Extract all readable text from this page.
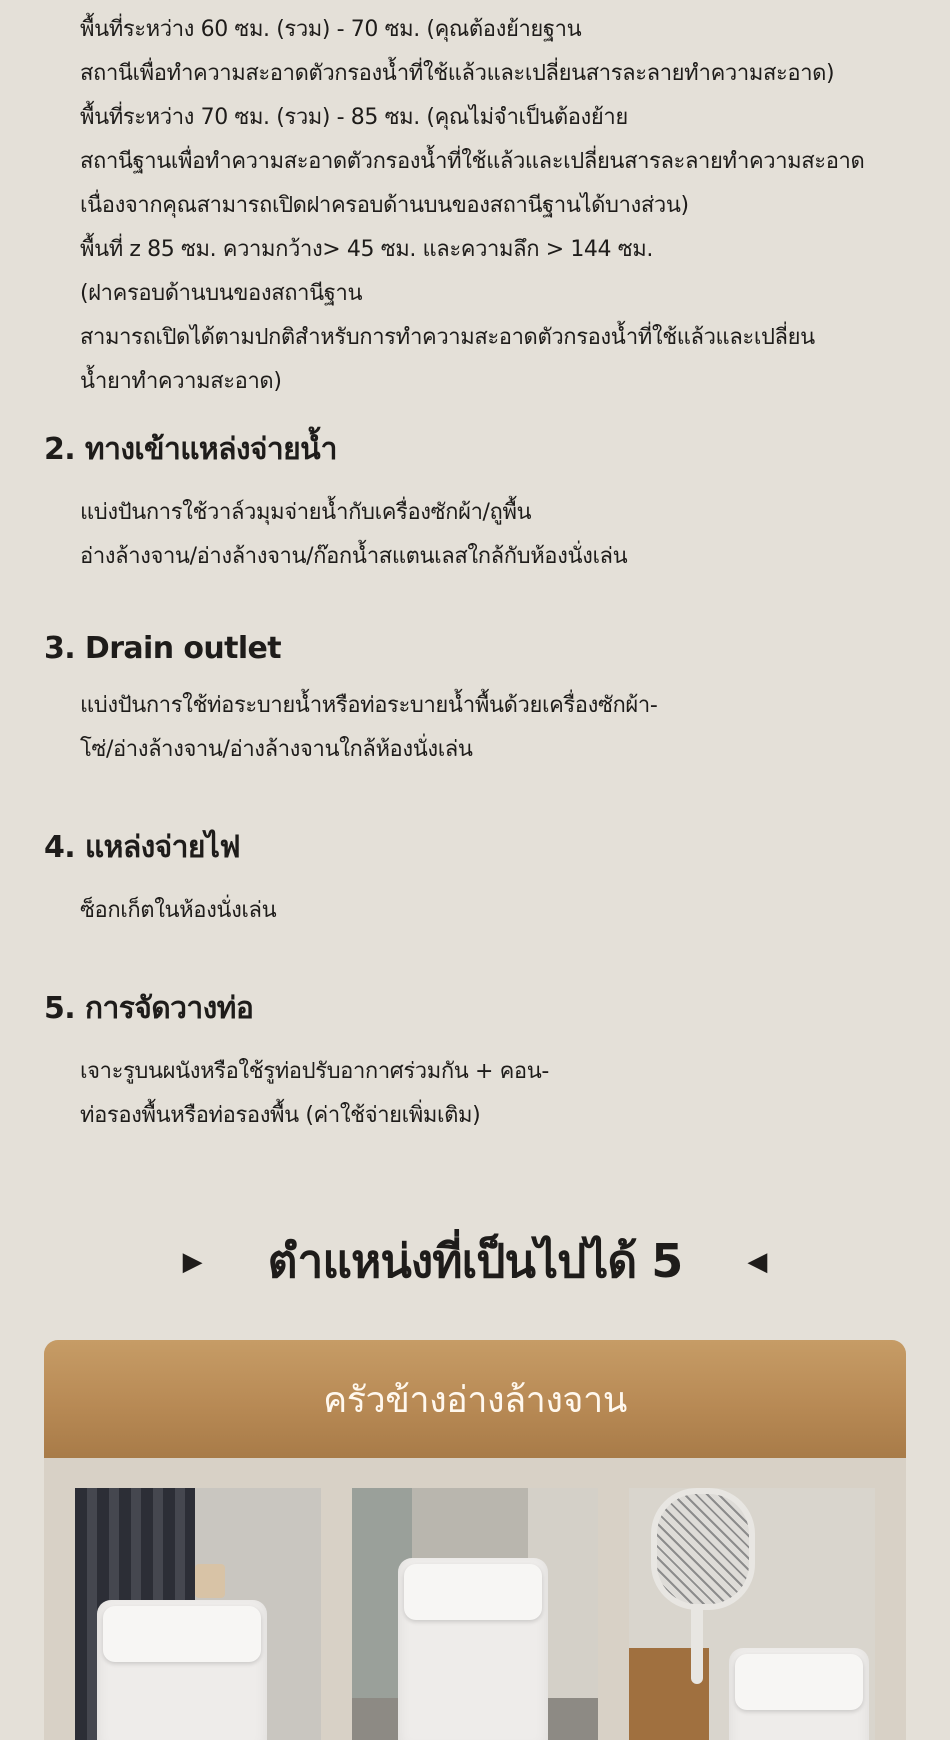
พื้นที่ระหว่าง 60 ซม. (รวม) - 70 ซม. (คุณต้องย้ายฐาน
สถานีเพื่อทำความสะอาดตัวกรองน้ำที่ใช้แล้วและเปลี่ยนสารละลายทำความสะอาด)
พื้นที่ระหว่าง 70 ซม. (รวม) - 85 ซม. (คุณไม่จำเป็นต้องย้าย
สถานีฐานเพื่อทำความสะอาดตัวกรองน้ำที่ใช้แล้วและเปลี่ยนสารละลายทำความสะอาด
เนื่องจากคุณสามารถเปิดฝาครอบด้านบนของสถานีฐานได้บางส่วน)
พื้นที่ z 85 ซม. ความกว้าง> 45 ซม. และความลึก > 144 ซม.
(ฝาครอบด้านบนของสถานีฐาน
สามารถเปิดได้ตามปกติสำหรับการทำความสะอาดตัวกรองน้ำที่ใช้แล้วและเปลี่ยน
น้ำยาทำความสะอาด)
2. ทางเข้าแหล่งจ่ายน้ำ
แบ่งปันการใช้วาล์วมุมจ่ายน้ำกับเครื่องซักผ้า/ถูพื้น
อ่างล้างจาน/อ่างล้างจาน/ก๊อกน้ำสแตนเลสใกล้กับห้องนั่งเล่น
3. Drain outlet
แบ่งปันการใช้ท่อระบายน้ำหรือท่อระบายน้ำพื้นด้วยเครื่องซักผ้า-
โซ่/อ่างล้างจาน/อ่างล้างจานใกล้ห้องนั่งเล่น
4. แหล่งจ่ายไฟ
ซ็อกเก็ตในห้องนั่งเล่น
5. การจัดวางท่อ
เจาะรูบนผนังหรือใช้รูท่อปรับอากาศร่วมกัน + คอน-
ท่อรองพื้นหรือท่อรองพื้น (ค่าใช้จ่ายเพิ่มเติม)
▶ ตำแหน่งที่เป็นไปได้ 5	◀
ครัวข้างอ่างล้างจาน
